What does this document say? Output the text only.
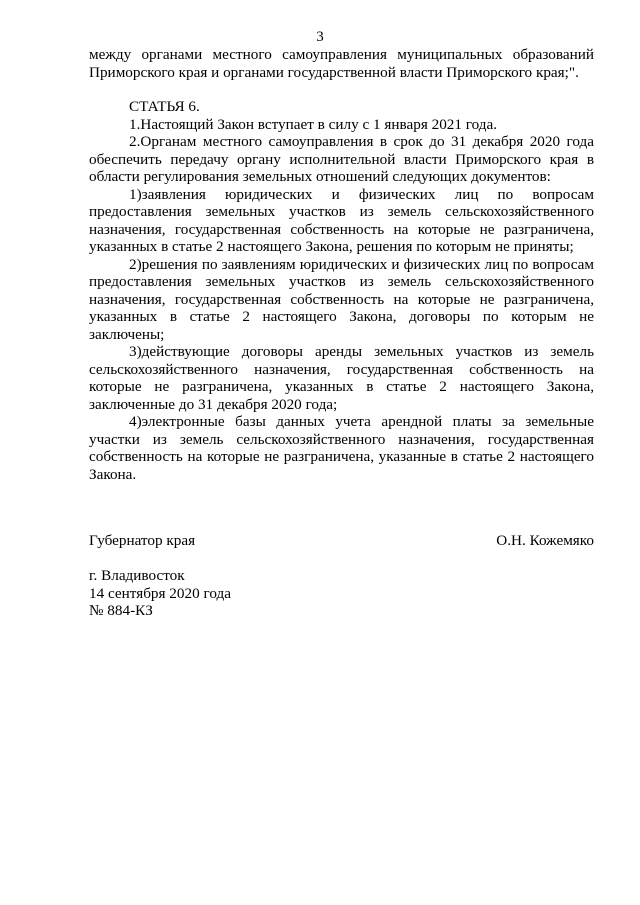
3

между органами местного самоуправления муниципальных образований Приморского края и органами государственной власти Приморского края;".

СТАТЬЯ 6.

1.Настоящий Закон вступает в силу с 1 января 2021 года.

2.Органам местного самоуправления в срок до 31 декабря 2020 года обеспечить передачу органу исполнительной власти Приморского края в области регулирования земельных отношений следующих документов:

1)заявления юридических и физических лиц по вопросам предоставления земельных участков из земель сельскохозяйственного назначения, государственная собственность на которые не разграничена, указанных в статье 2 настоящего Закона, решения по которым не приняты;

2)решения по заявлениям юридических и физических лиц по вопросам предоставления земельных участков из земель сельскохозяйственного назначения, государственная собственность на которые не разграничена, указанных в статье 2 настоящего Закона, договоры по которым не заключены;

3)действующие договоры аренды земельных участков из земель сельскохозяйственного назначения, государственная собственность на которые не разграничена, указанных в статье 2 настоящего Закона, заключенные до 31 декабря 2020 года;

4)электронные базы данных учета арендной платы за земельные участки из земель сельскохозяйственного назначения, государственная собственность на которые не разграничена, указанные в статье 2 настоящего Закона.

Губернатор края	О.Н. Кожемяко
г. Владивосток
14 сентября 2020 года
№ 884-КЗ
